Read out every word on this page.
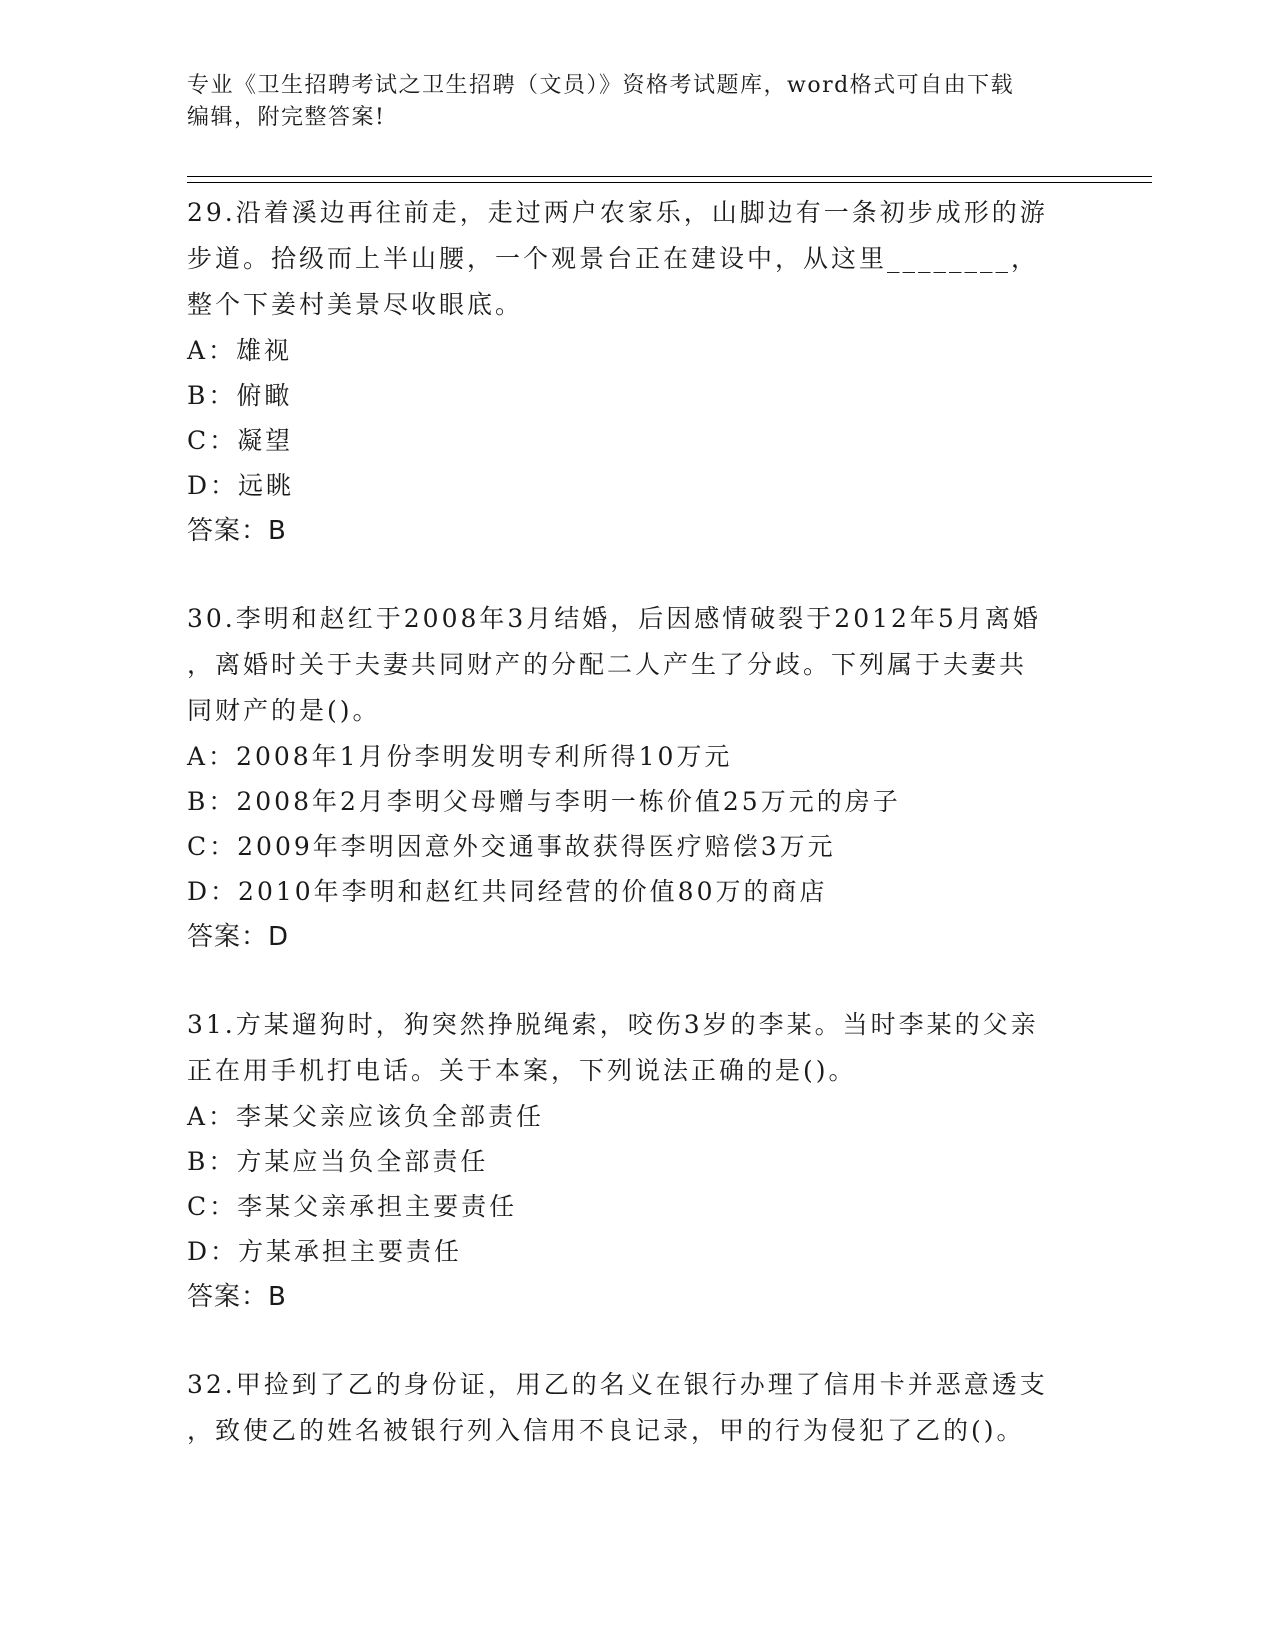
专业《卫生招聘考试之卫生招聘（文员）》资格考试题库，word格式可自由下载
编辑，附完整答案!

29.沿着溪边再往前走，走过两户农家乐，山脚边有一条初步成形的游

步道。拾级而上半山腰，一个观景台正在建设中，从这里________，

整个下姜村美景尽收眼底。

A：雄视

B：俯瞰

C：凝望

D：远眺

答案：B

30.李明和赵红于2008年3月结婚，后因感情破裂于2012年5月离婚

，离婚时关于夫妻共同财产的分配二人产生了分歧。下列属于夫妻共

同财产的是()。

A：2008年1月份李明发明专利所得10万元

B：2008年2月李明父母赠与李明一栋价值25万元的房子

C：2009年李明因意外交通事故获得医疗赔偿3万元

D：2010年李明和赵红共同经营的价值80万的商店

答案：D

31.方某遛狗时，狗突然挣脱绳索，咬伤3岁的李某。当时李某的父亲

正在用手机打电话。关于本案，下列说法正确的是()。

A：李某父亲应该负全部责任

B：方某应当负全部责任

C：李某父亲承担主要责任

D：方某承担主要责任

答案：B

32.甲捡到了乙的身份证，用乙的名义在银行办理了信用卡并恶意透支

，致使乙的姓名被银行列入信用不良记录，甲的行为侵犯了乙的()。
